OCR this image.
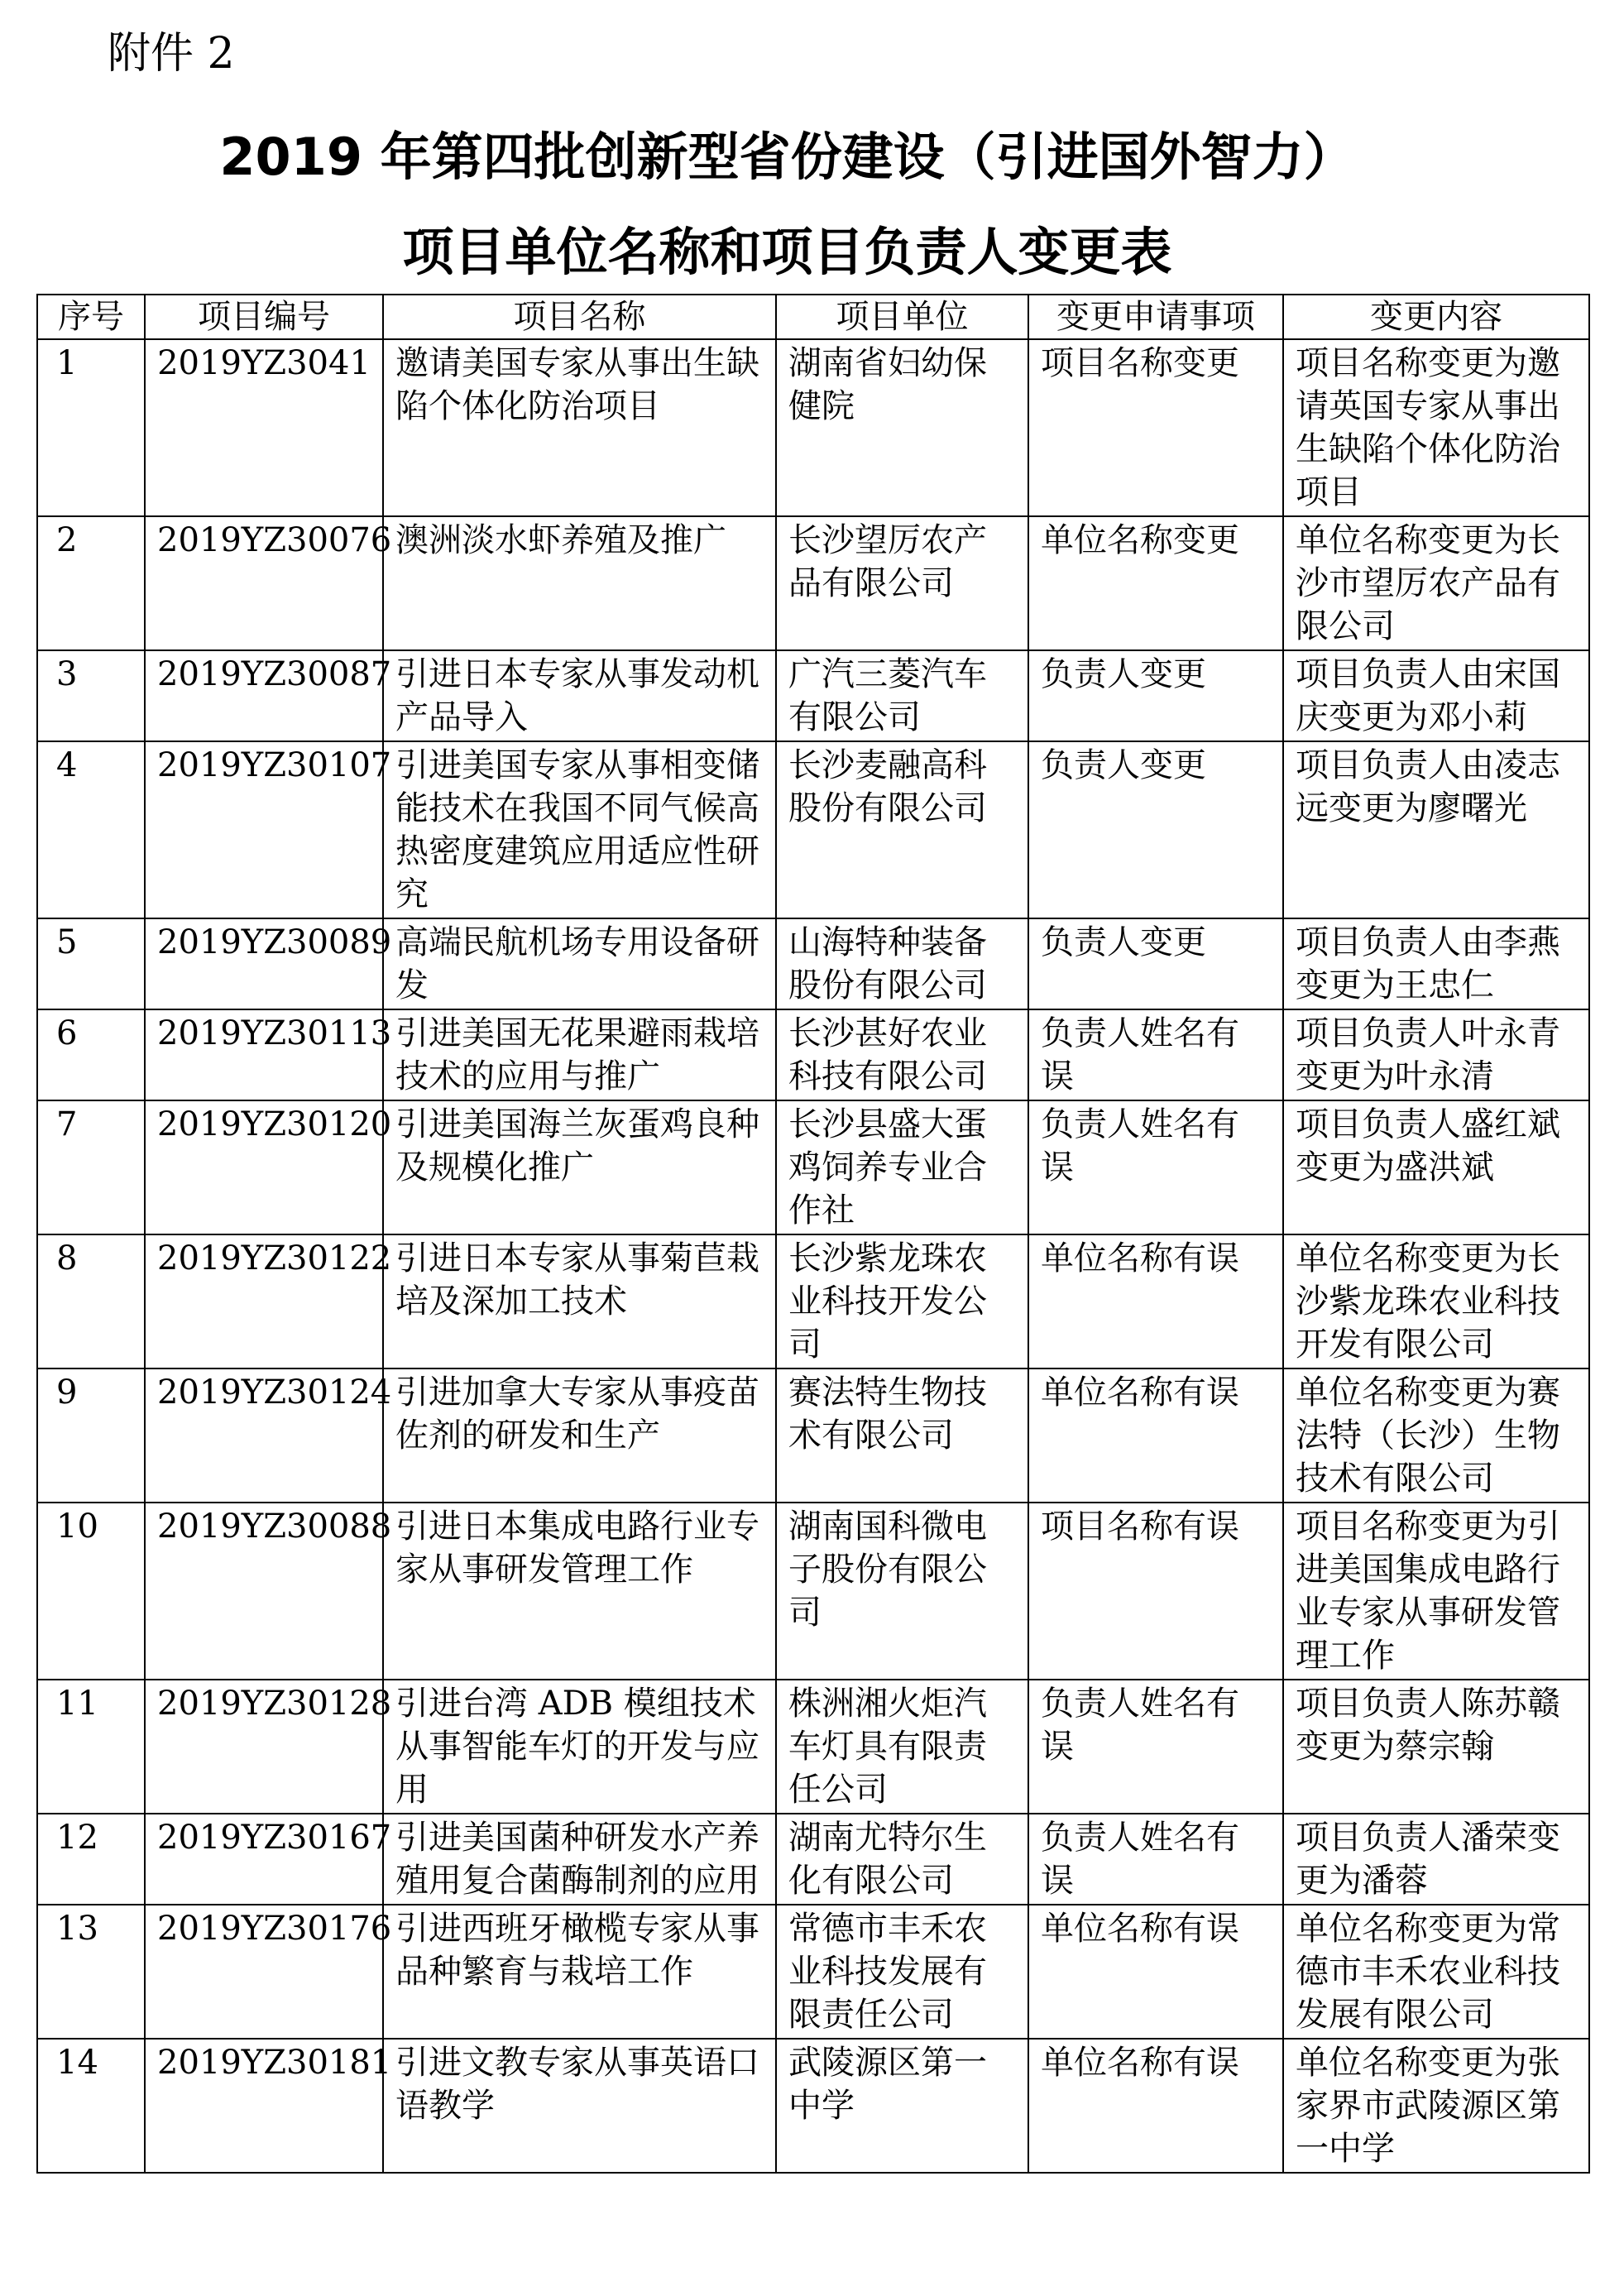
附件 2
2019 年第四批创新型省份建设（引进国外智力）
项目单位名称和项目负责人变更表
序号	项目编号	项目名称	项目单位	变更申请事项	变更内容
1	2019YZ3041	邀请美国专家从事出生缺陷个体化防治项目	湖南省妇幼保健院	项目名称变更	项目名称变更为邀请英国专家从事出生缺陷个体化防治项目
2	2019YZ30076	澳洲淡水虾养殖及推广	长沙望厉农产品有限公司	单位名称变更	单位名称变更为长沙市望厉农产品有限公司
3	2019YZ30087	引进日本专家从事发动机产品导入	广汽三菱汽车有限公司	负责人变更	项目负责人由宋国庆变更为邓小莉
4	2019YZ30107	引进美国专家从事相变储能技术在我国不同气候高热密度建筑应用适应性研究	长沙麦融高科股份有限公司	负责人变更	项目负责人由凌志远变更为廖曙光
5	2019YZ30089	高端民航机场专用设备研发	山海特种装备股份有限公司	负责人变更	项目负责人由李燕变更为王忠仁
6	2019YZ30113	引进美国无花果避雨栽培技术的应用与推广	长沙甚好农业科技有限公司	负责人姓名有误	项目负责人叶永青变更为叶永清
7	2019YZ30120	引进美国海兰灰蛋鸡良种及规模化推广	长沙县盛大蛋鸡饲养专业合作社	负责人姓名有误	项目负责人盛红斌变更为盛洪斌
8	2019YZ30122	引进日本专家从事菊苣栽培及深加工技术	长沙紫龙珠农业科技开发公司	单位名称有误	单位名称变更为长沙紫龙珠农业科技开发有限公司
9	2019YZ30124	引进加拿大专家从事疫苗佐剂的研发和生产	赛法特生物技术有限公司	单位名称有误	单位名称变更为赛法特（长沙）生物技术有限公司
10	2019YZ30088	引进日本集成电路行业专家从事研发管理工作	湖南国科微电子股份有限公司	项目名称有误	项目名称变更为引进美国集成电路行业专家从事研发管理工作
11	2019YZ30128	引进台湾 ADB 模组技术从事智能车灯的开发与应用	株洲湘火炬汽车灯具有限责任公司	负责人姓名有误	项目负责人陈苏赣变更为蔡宗翰
12	2019YZ30167	引进美国菌种研发水产养殖用复合菌酶制剂的应用	湖南尤特尔生化有限公司	负责人姓名有误	项目负责人潘荣变更为潘蓉
13	2019YZ30176	引进西班牙橄榄专家从事品种繁育与栽培工作	常德市丰禾农业科技发展有限责任公司	单位名称有误	单位名称变更为常德市丰禾农业科技发展有限公司
14	2019YZ30181	引进文教专家从事英语口语教学	武陵源区第一中学	单位名称有误	单位名称变更为张家界市武陵源区第一中学
